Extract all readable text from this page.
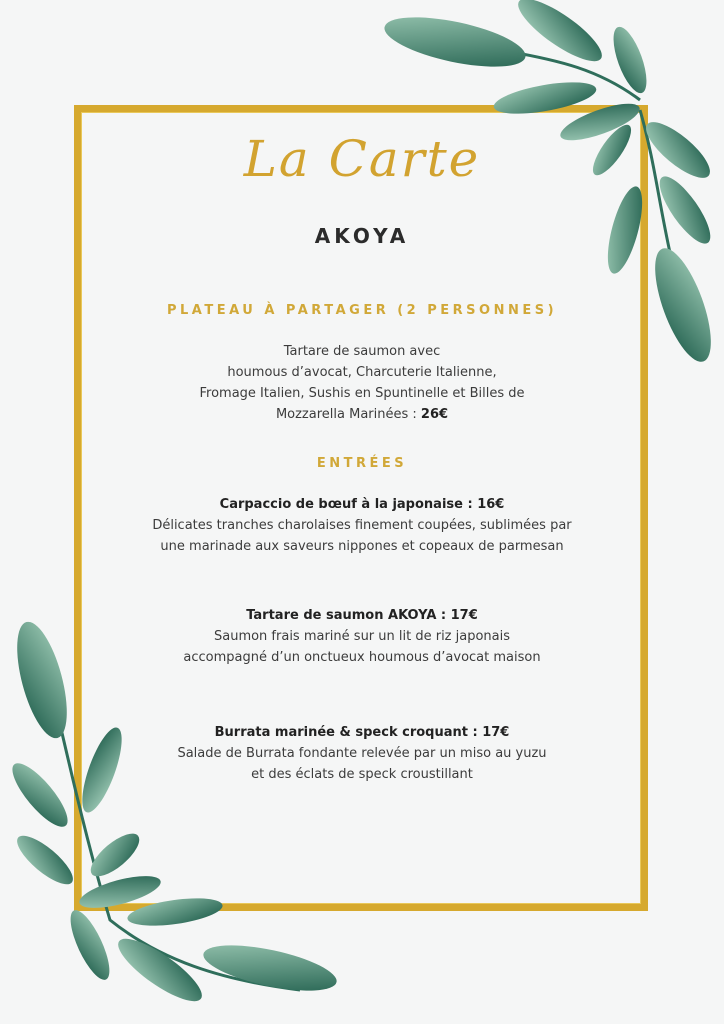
La Carte
AKOYA
PLATEAU À PARTAGER (2 PERSONNES)
Tartare de saumon avec
houmous d’avocat, Charcuterie Italienne,
Fromage Italien, Sushis en Spuntinelle et Billes de
Mozzarella Marinées : 26€
ENTRÉES
Carpaccio de bœuf à la japonaise : 16€
Délicates tranches charolaises finement coupées, sublimées par
une marinade aux saveurs nippones et copeaux de parmesan
Tartare de saumon AKOYA : 17€
Saumon frais mariné sur un lit de riz japonais
accompagné d’un onctueux houmous d’avocat maison
Burrata marinée & speck croquant : 17€
Salade de Burrata fondante relevée par un miso au yuzu
et des éclats de speck croustillant
